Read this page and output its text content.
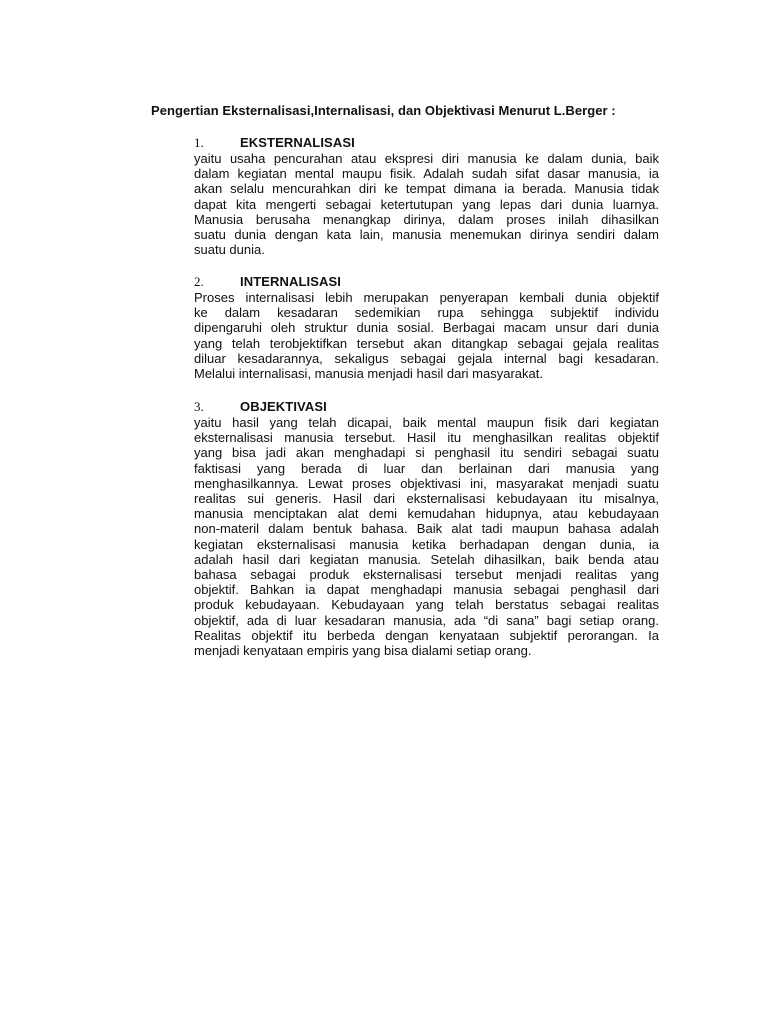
Pengertian Eksternalisasi,Internalisasi, dan Objektivasi Menurut L.Berger :
1.	EKSTERNALISASI
yaitu usaha pencurahan atau ekspresi diri manusia ke dalam dunia, baik
dalam kegiatan mental maupu fisik. Adalah sudah sifat dasar manusia, ia
akan selalu mencurahkan diri ke tempat dimana ia berada. Manusia tidak
dapat kita mengerti sebagai ketertutupan yang lepas dari dunia luarnya.
Manusia berusaha menangkap dirinya, dalam proses inilah dihasilkan
suatu dunia dengan kata lain, manusia menemukan dirinya sendiri dalam
suatu dunia.
2.	INTERNALISASI
Proses internalisasi lebih merupakan penyerapan kembali dunia objektif
ke dalam kesadaran sedemikian rupa sehingga subjektif individu
dipengaruhi oleh struktur dunia sosial. Berbagai macam unsur dari dunia
yang telah terobjektifkan tersebut akan ditangkap sebagai gejala realitas
diluar kesadarannya, sekaligus sebagai gejala internal bagi kesadaran.
Melalui internalisasi, manusia menjadi hasil dari masyarakat.
3.	OBJEKTIVASI
yaitu hasil yang telah dicapai, baik mental maupun fisik dari kegiatan
eksternalisasi manusia tersebut. Hasil itu menghasilkan realitas objektif
yang bisa jadi akan menghadapi si penghasil itu sendiri sebagai suatu
faktisasi yang berada di luar dan berlainan dari manusia yang
menghasilkannya. Lewat proses objektivasi ini, masyarakat menjadi suatu
realitas sui generis. Hasil dari eksternalisasi kebudayaan itu misalnya,
manusia menciptakan alat demi kemudahan hidupnya, atau kebudayaan
non-materil dalam bentuk bahasa. Baik alat tadi maupun bahasa adalah
kegiatan eksternalisasi manusia ketika berhadapan dengan dunia, ia
adalah hasil dari kegiatan manusia. Setelah dihasilkan, baik benda atau
bahasa sebagai produk eksternalisasi tersebut menjadi realitas yang
objektif. Bahkan ia dapat menghadapi manusia sebagai penghasil dari
produk kebudayaan. Kebudayaan yang telah berstatus sebagai realitas
objektif, ada di luar kesadaran manusia, ada “di sana” bagi setiap orang.
Realitas objektif itu berbeda dengan kenyataan subjektif perorangan. Ia
menjadi kenyataan empiris yang bisa dialami setiap orang.
